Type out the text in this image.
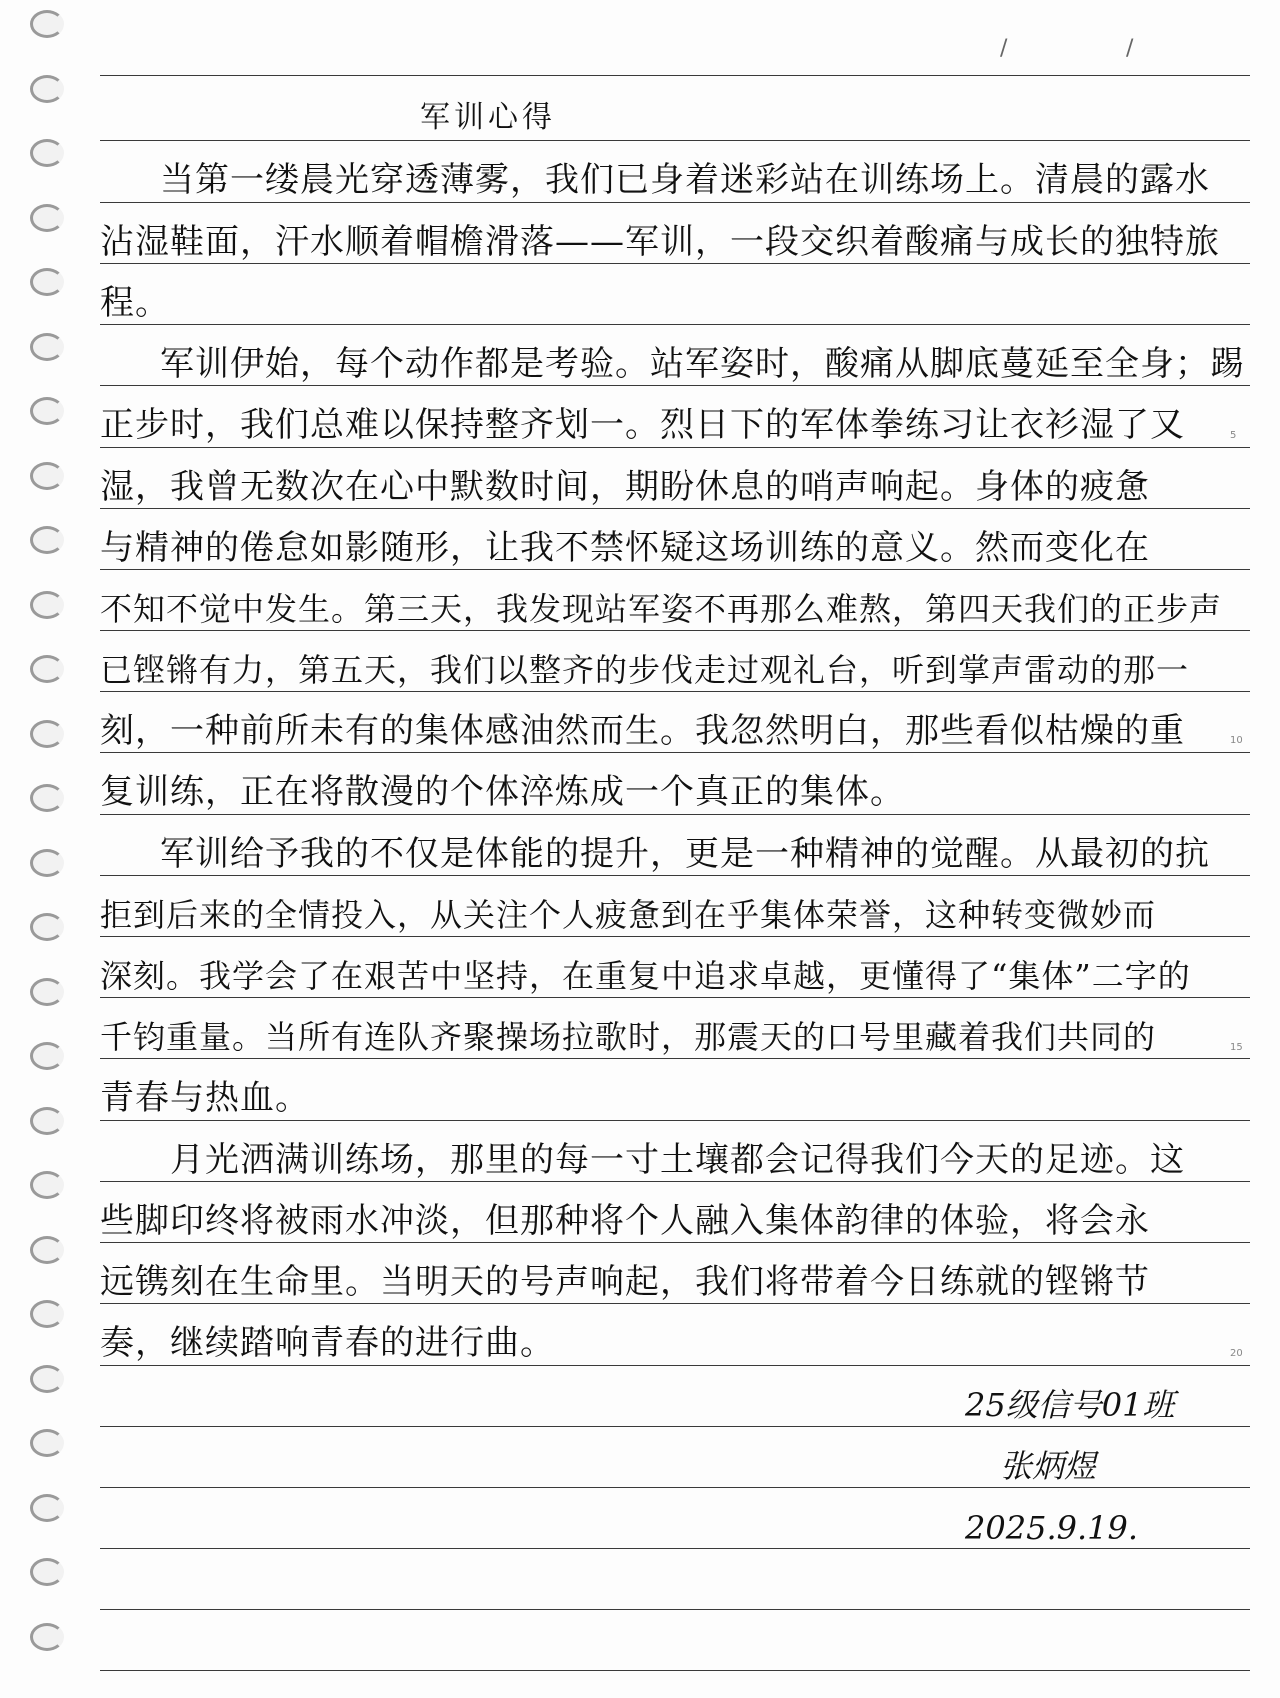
/	/
5
10
15
20
军训心得
当第一缕晨光穿透薄雾，我们已身着迷彩站在训练场上。清晨的露水
沾湿鞋面，汗水顺着帽檐滑落——军训，一段交织着酸痛与成长的独特旅
程。
军训伊始，每个动作都是考验。站军姿时，酸痛从脚底蔓延至全身；踢
正步时，我们总难以保持整齐划一。烈日下的军体拳练习让衣衫湿了又
湿，我曾无数次在心中默数时间，期盼休息的哨声响起。身体的疲惫
与精神的倦怠如影随形，让我不禁怀疑这场训练的意义。然而变化在
不知不觉中发生。第三天，我发现站军姿不再那么难熬，第四天我们的正步声
已铿锵有力，第五天，我们以整齐的步伐走过观礼台，听到掌声雷动的那一
刻，一种前所未有的集体感油然而生。我忽然明白，那些看似枯燥的重
复训练，正在将散漫的个体淬炼成一个真正的集体。
军训给予我的不仅是体能的提升，更是一种精神的觉醒。从最初的抗
拒到后来的全情投入，从关注个人疲惫到在乎集体荣誉，这种转变微妙而
深刻。我学会了在艰苦中坚持，在重复中追求卓越，更懂得了“集体”二字的
千钧重量。当所有连队齐聚操场拉歌时，那震天的口号里藏着我们共同的
青春与热血。
月光洒满训练场，那里的每一寸土壤都会记得我们今天的足迹。这
些脚印终将被雨水冲淡，但那种将个人融入集体韵律的体验，将会永
远镌刻在生命里。当明天的号声响起，我们将带着今日练就的铿锵节
奏，继续踏响青春的进行曲。
25级信号01班
张炳煜
2025.9.19.
